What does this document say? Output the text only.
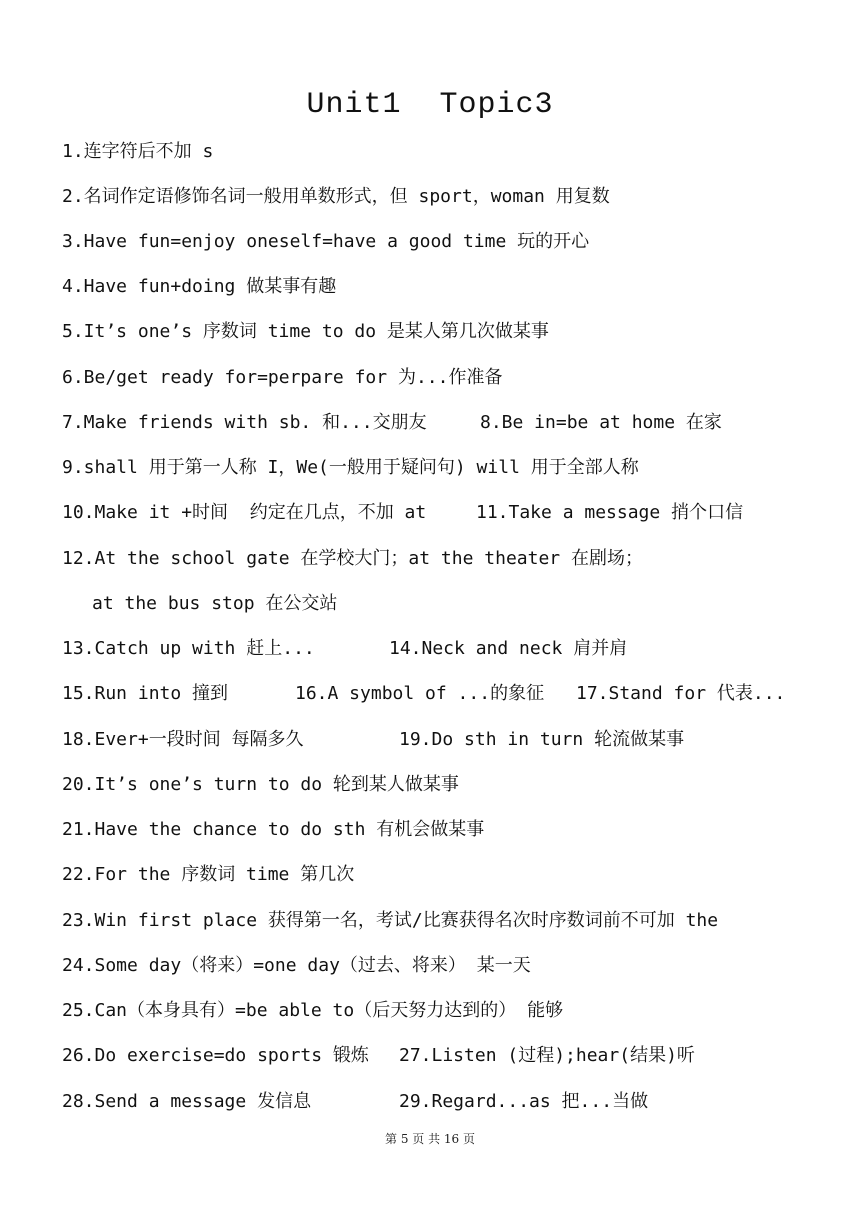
Unit1  Topic3
1.连字符后不加 s
2.名词作定语修饰名词一般用单数形式，但 sport，woman 用复数
3.Have fun=enjoy oneself=have a good time 玩的开心
4.Have fun+doing 做某事有趣
5.It’s one’s 序数词 time to do 是某人第几次做某事
6.Be/get ready for=perpare for 为...作准备
7.Make friends with sb. 和...交朋友	8.Be in=be at home 在家
9.shall 用于第一人称 I，We(一般用于疑问句) will 用于全部人称
10.Make it +时间  约定在几点，不加 at	11.Take a message 捎个口信
12.At the school gate 在学校大门；at the theater 在剧场；
at the bus stop 在公交站
13.Catch up with 赶上...	14.Neck and neck 肩并肩
15.Run into 撞到	16.A symbol of ...的象征 17.Stand for 代表...
18.Ever+一段时间 每隔多久	19.Do sth in turn 轮流做某事
20.It’s one’s turn to do 轮到某人做某事
21.Have the chance to do sth 有机会做某事
22.For the 序数词 time 第几次
23.Win first place 获得第一名，考试/比赛获得名次时序数词前不可加 the
24.Some day（将来）=one day（过去、将来） 某一天
25.Can（本身具有）=be able to（后天努力达到的） 能够
26.Do exercise=do sports 锻炼 27.Listen (过程);hear(结果)听
28.Send a message 发信息	29.Regard...as 把...当做
第 5 页 共 16 页
